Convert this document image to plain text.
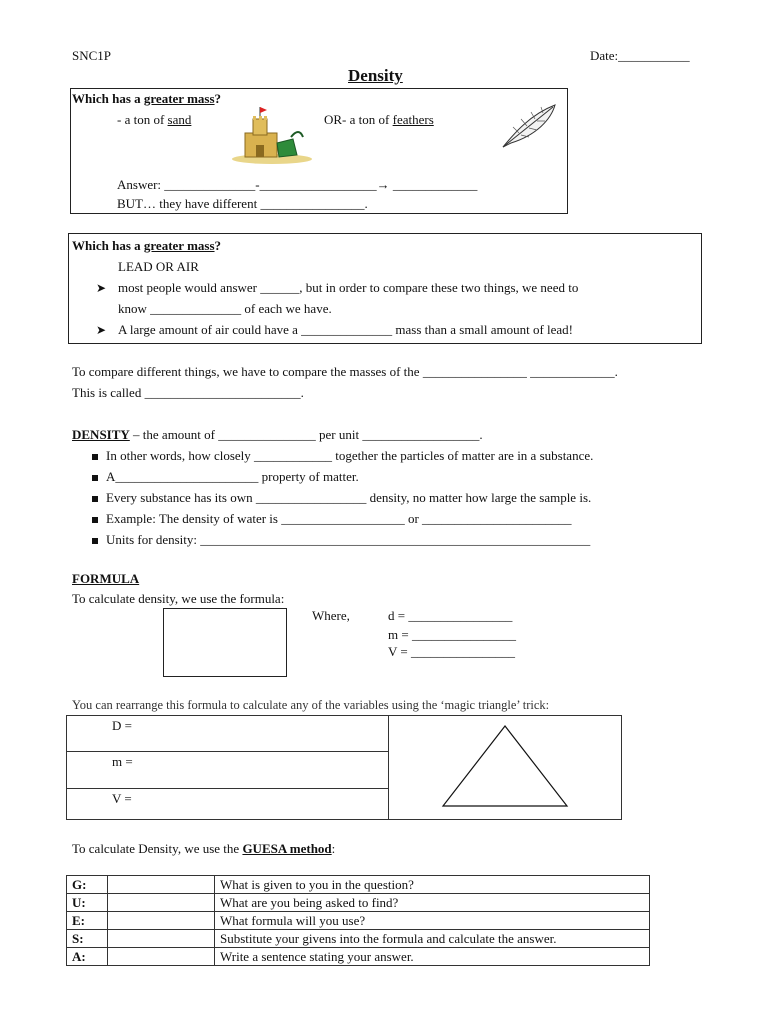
SNC1P	Date:___________
Density
Which has a greater mass?
- a ton of sand	OR- a ton of feathers
Answer: ______________-__________________→ _____________
BUT… they have different ________________.
Which has a greater mass?
LEAD OR AIR
➤ most people would answer ______, but in order to compare these two things, we need to
know ______________ of each we have.
➤ A large amount of air could have a ______________ mass than a small amount of lead!
To compare different things, we have to compare the masses of the ________________ _____________.
This is called ________________________.
DENSITY – the amount of _______________ per unit __________________.
In other words, how closely ____________ together the particles of matter are in a substance.
A______________________ property of matter.
Every substance has its own _________________ density, no matter how large the sample is.
Example: The density of water is ___________________ or _______________________
Units for density: ____________________________________________________________
FORMULA
To calculate density, we use the formula:
Where,	d = ________________
m = ________________
V = ________________
You can rearrange this formula to calculate any of the variables using the ‘magic triangle’ trick:
D =	
m =
V =
To calculate Density, we use the GUESA method:
G:		What is given to you in the question?
U:		What are you being asked to find?
E:		What formula will you use?
S:		Substitute your givens into the formula and calculate the answer.
A:		Write a sentence stating your answer.
